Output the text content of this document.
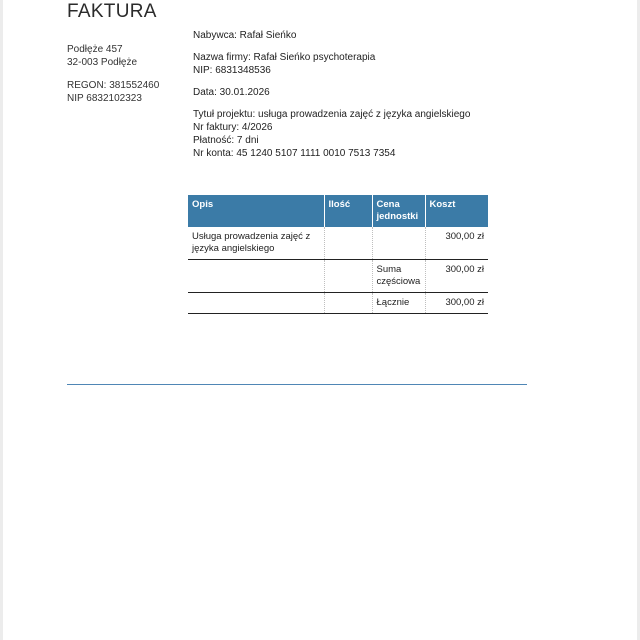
FAKTURA
Podłęże 457
32-003 Podłęże
REGON: 381552460
NIP 6832102323
Nabywca: Rafał Sieńko
Nazwa firmy: Rafał Sieńko psychoterapia
NIP: 6831348536
Data: 30.01.2026
Tytuł projektu: usługa prowadzenia zajęć z języka angielskiego
Nr faktury: 4/2026
Płatność: 7 dni
Nr konta: 45 1240 5107 1111 0010 7513 7354
Opis	Ilość	Cena jednostki	Koszt
Usługa prowadzenia zajęć z języka angielskiego			300,00 zł
		Suma częściowa	300,00 zł
		Łącznie	300,00 zł
